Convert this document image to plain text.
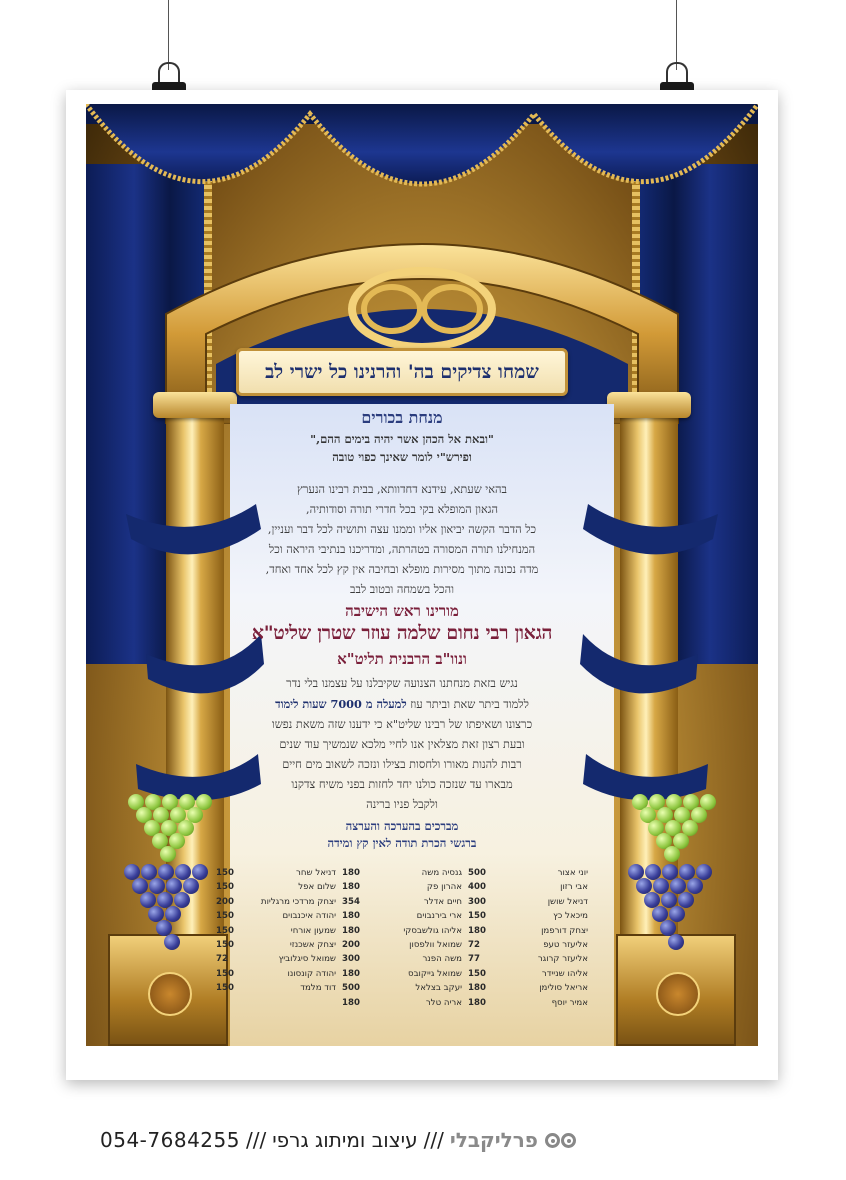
שמחו צדיקים בה' והרנינו כל ישרי לב
מנחת בכורים
"ובאת אל הכהן אשר יהיה בימים ההם,"
ופירש"י לומר שאינך כפוי טובה
בהאי שעתא, עידנא דחדוותא, בבית רבינו הנערץ
הגאון המופלא בקי בכל חדרי תורה וסודותיה,
כל הדבר הקשה יביאון אליו וממנו עצה ותושיה לכל דבר ועניין,
המנחילנו תורה המסורה בטהרתה, ומדריכנו בנתיבי היראה וכל
מדה נכונה מתוך מסירות מופלא ובחיבה אין קץ לכל אחד ואחד,
והכל בשמחה ובטוב לבב
מורינו ראש הישיבה
הגאון רבי נחום שלמה עוזר שטרן שליט"א
ונוו"ב הרבנית תליט"א
נגיש בזאת מנחתנו הצנועה שקיבלנו על עצמנו בלי נדר
ללמוד ביתר שאת וביתר עוז למעלה מ 7000 שעות לימוד
כרצונו ושאיפתו של רבינו שליט"א כי ידענו שזה משאת נפשו
ובעת רצון זאת מצלאין אנו לחיי מלכא שנמשיך עוד שנים
רבות להנות מאורו ולחסות בצילו ונזכה לשאוב מים חיים
מבארו עד שנזכה כולנו יחד לחזות בפני משיח צדקנו
ולקבל פניו ברינה
מברכים בהערכה והערצה
ברגשי הכרת תודה לאין קץ ומידה
יוני אצור
500
אבי רזון
400
דניאל שושן
300
מיכאל כץ
150
יצחק דורפמן
180
אליעזר טעפ
72
אליעזר קרוגר
77
אליהו שניידר
150
אריאל סולימן
180
אמיר יוסף
180
גנסיה משה
180
אהרון פק
180
חיים אדלר
354
ארי בירנבוים
180
אליהו גולשבסקי
180
שמואל וולפסון
200
משה הפנר
300
שמואל גייקובס
180
יעקב בצלאל
500
אריה טלר
180
דניאל שחר
150
שלום אפל
150
יצחק מרדכי מרגליות
200
יהודה איכנבוים
150
שמעון אורחי
150
יצחק אשכנזי
150
שמואל סיגלוביץ
72
יהודה קונסונו
150
דוד מלמד
150
054-7684255 /// עיצוב ומיתוג גרפי /// פרליקבלי
